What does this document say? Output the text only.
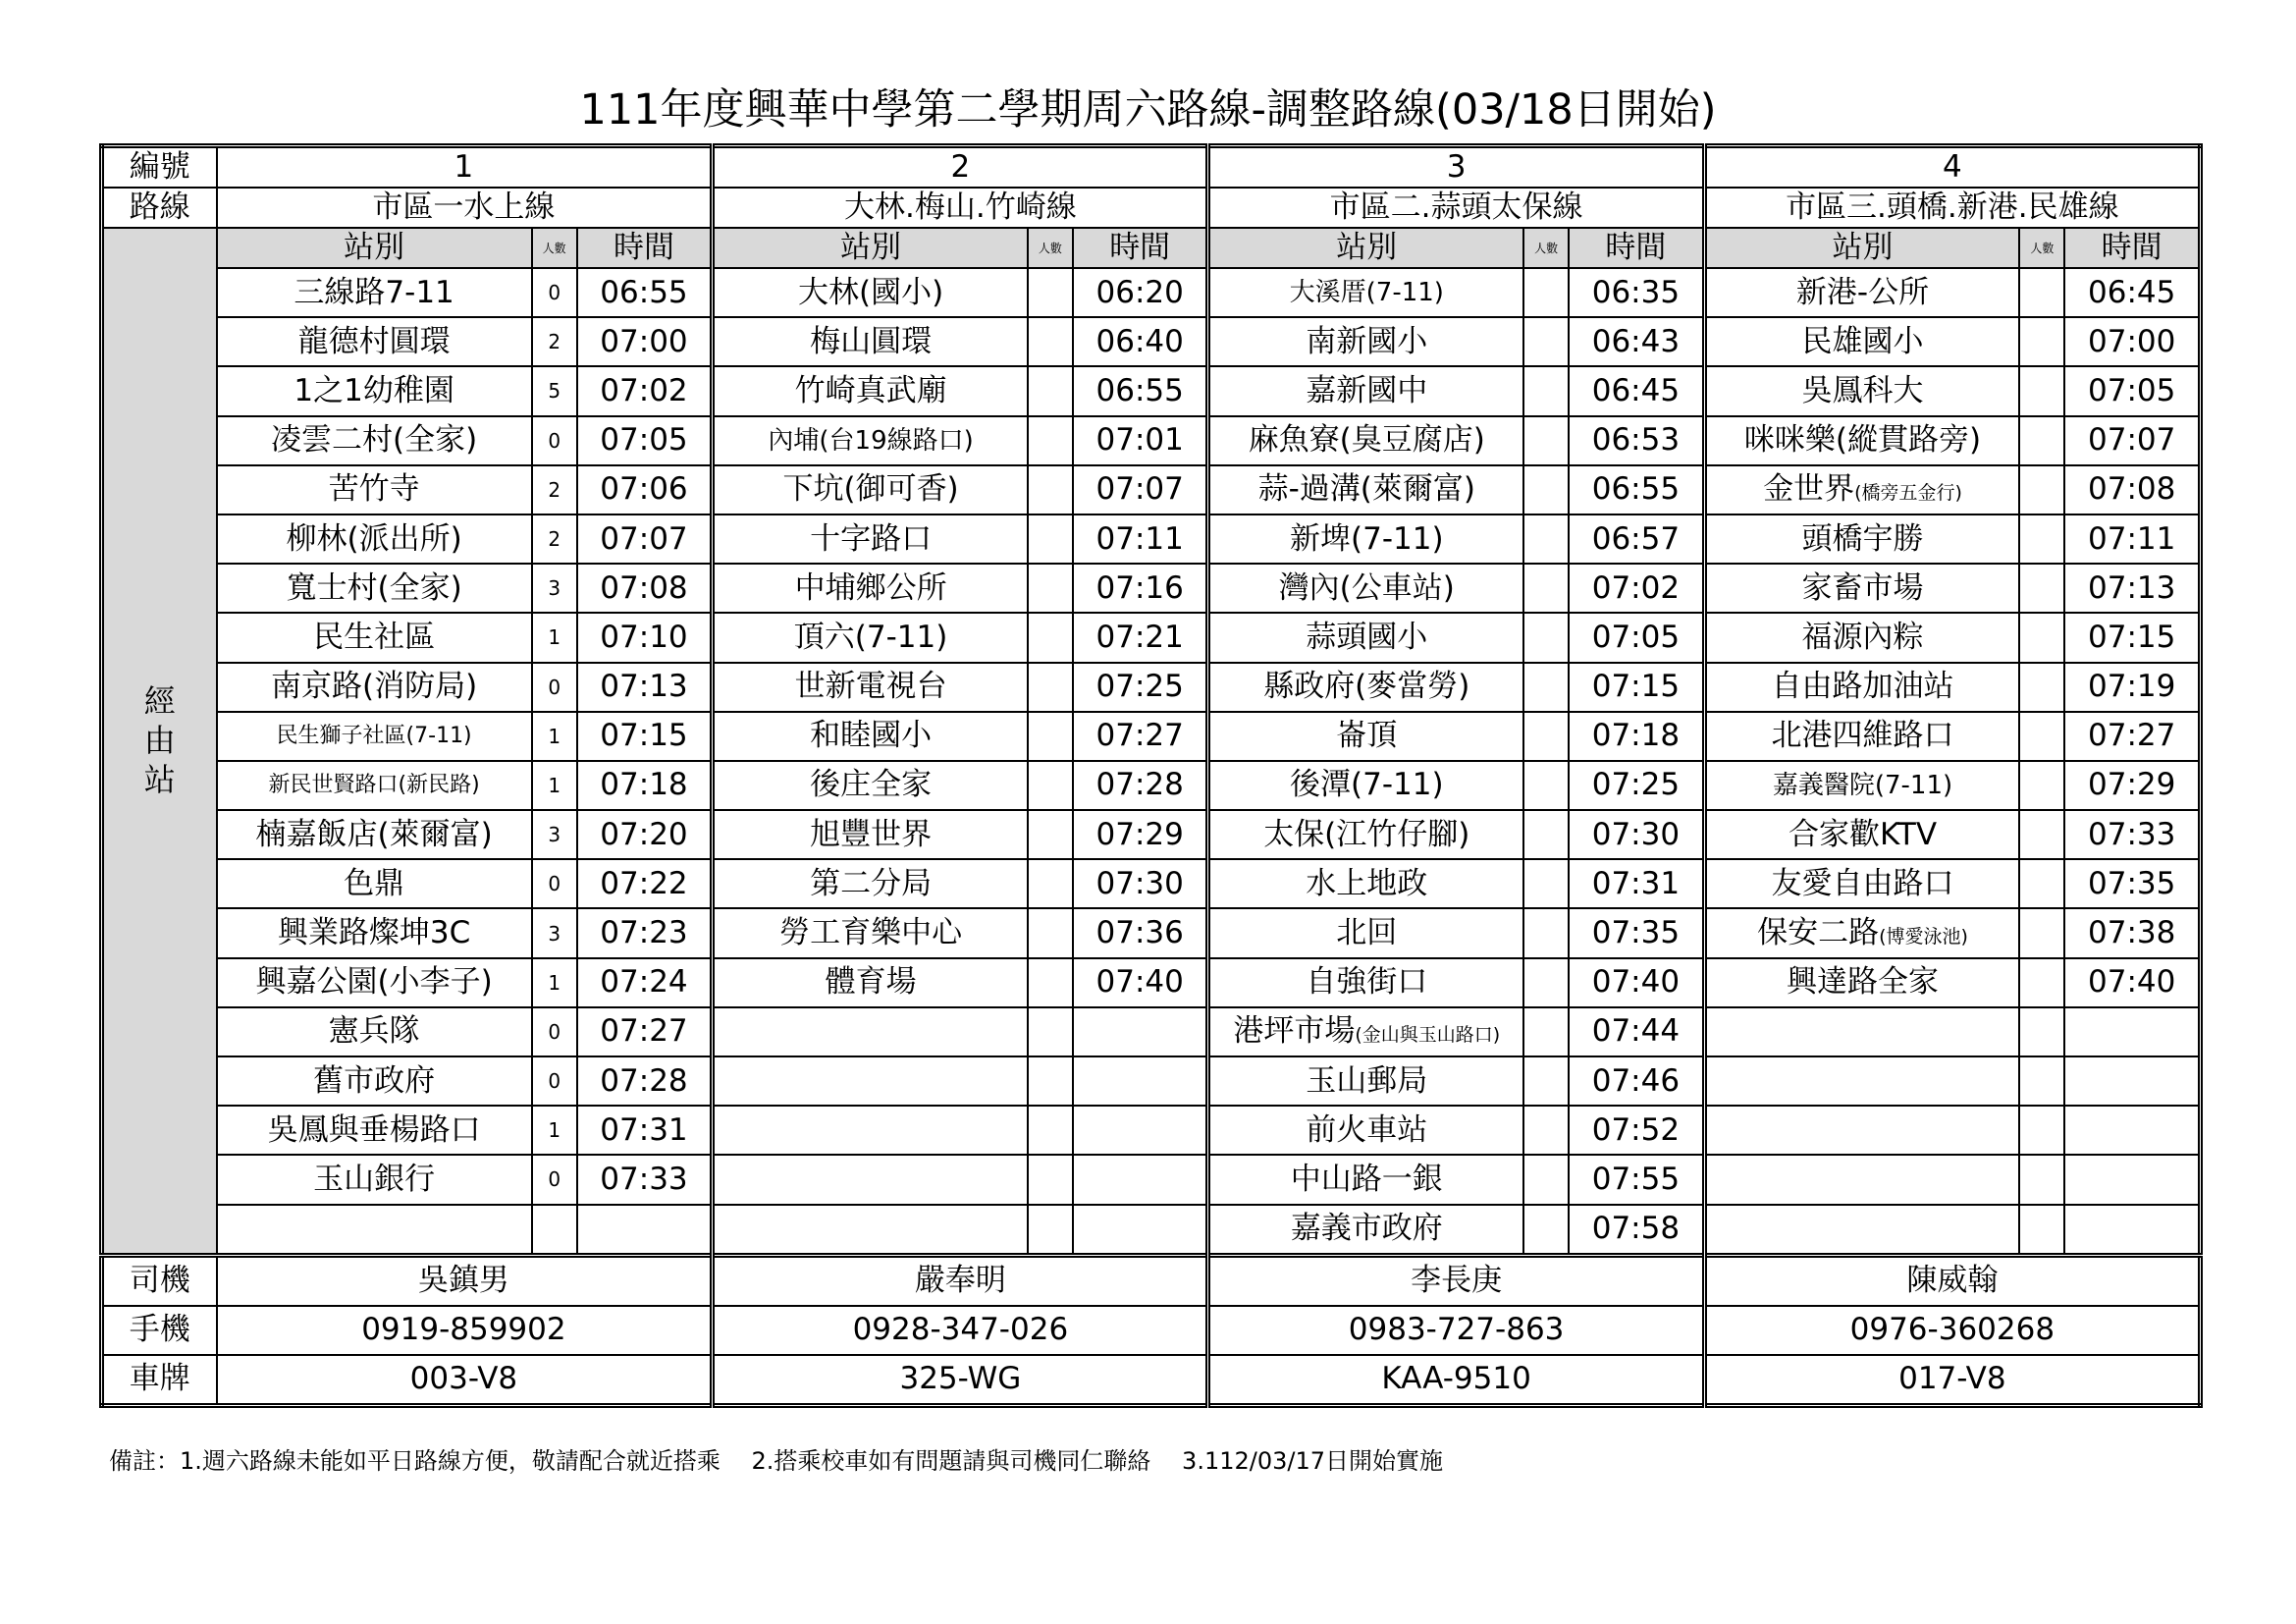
111年度興華中學第二學期周六路線-調整路線(03/18日開始)
編號	1			2			3			4		
路線	市區一水上線			大林.梅山.竹崎線			市區二.蒜頭太保線			市區三.頭橋.新港.民雄線		
經由站	站別	人數	時間	站別	人數	時間	站別	人數	時間	站別	人數	時間
	三線路7-11	0	06:55	大林(國小)		06:20	大溪厝(7-11)		06:35	新港-公所		06:45
	龍德村圓環	2	07:00	梅山圓環		06:40	南新國小		06:43	民雄國小		07:00
	1之1幼稚園	5	07:02	竹崎真武廟		06:55	嘉新國中		06:45	吳鳳科大		07:05
	凌雲二村(全家)	0	07:05	內埔(台19線路口)		07:01	麻魚寮(臭豆腐店)		06:53	咪咪樂(縱貫路旁)		07:07
	苦竹寺	2	07:06	下坑(御可香)		07:07	蒜-過溝(萊爾富)		06:55	金世界(橋旁五金行)		07:08
	柳林(派出所)	2	07:07	十字路口		07:11	新埤(7-11)		06:57	頭橋宇勝		07:11
	寬士村(全家)	3	07:08	中埔鄉公所		07:16	灣內(公車站)		07:02	家畜市場		07:13
	民生社區	1	07:10	頂六(7-11)		07:21	蒜頭國小		07:05	福源內粽		07:15
	南京路(消防局)	0	07:13	世新電視台		07:25	縣政府(麥當勞)		07:15	自由路加油站		07:19
	民生獅子社區(7-11)	1	07:15	和睦國小		07:27	崙頂		07:18	北港四維路口		07:27
	新民世賢路口(新民路)	1	07:18	後庄全家		07:28	後潭(7-11)		07:25	嘉義醫院(7-11)		07:29
	楠嘉飯店(萊爾富)	3	07:20	旭豐世界		07:29	太保(江竹仔腳)		07:30	合家歡KTV		07:33
	色鼎	0	07:22	第二分局		07:30	水上地政		07:31	友愛自由路口		07:35
	興業路燦坤3C	3	07:23	勞工育樂中心		07:36	北回		07:35	保安二路(博愛泳池)		07:38
	興嘉公園(小李子)	1	07:24	體育場		07:40	自強街口		07:40	興達路全家		07:40
	憲兵隊	0	07:27				港坪市場(金山與玉山路口)		07:44			
	舊市政府	0	07:28				玉山郵局		07:46			
	吳鳳與垂楊路口	1	07:31				前火車站		07:52			
	玉山銀行	0	07:33				中山路一銀		07:55			
							嘉義市政府		07:58			
司機	吳鎮男			嚴奉明			李長庚			陳威翰		
手機	0919-859902			0928-347-026			0983-727-863			0976-360268		
車牌	003-V8			325-WG			KAA-9510			017-V8		
備註：1.週六路線未能如平日路線方便，敬請配合就近搭乘　 2.搭乘校車如有問題請與司機同仁聯絡　 3.112/03/17日開始實施
